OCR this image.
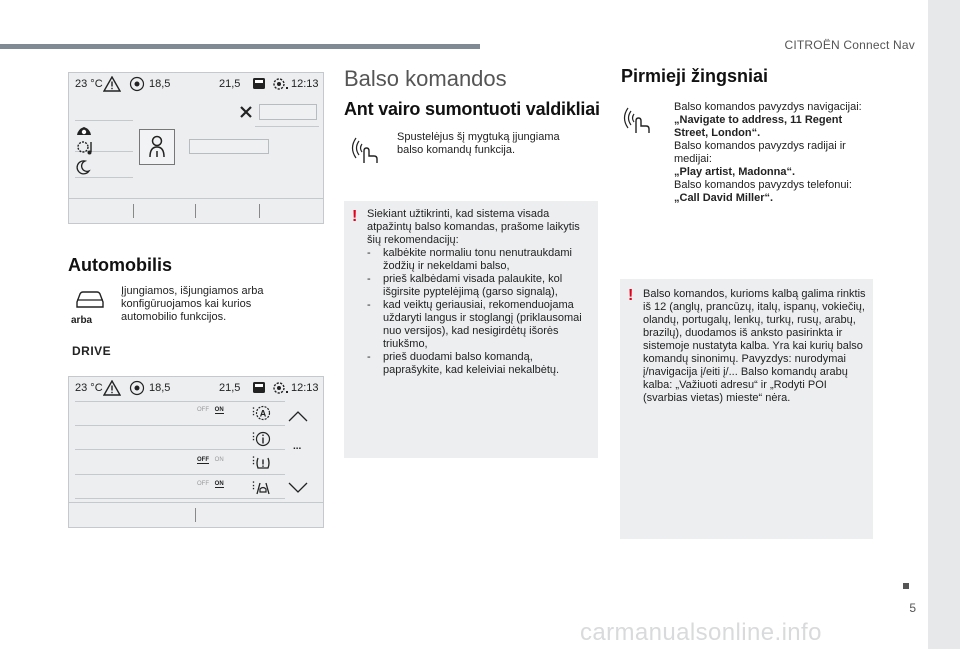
CITROËN Connect Nav
23 °C	18,5	21,5	12:13
Automobilis
arba
Įjungiamos, išjungiamos arba konfigūruojamos kai kurios automobilio funkcijos.
DRIVE
23 °C	18,5	21,5	12:13
OFF ON	⋮ A
⋮
OFF ON	⋮
OFF ON	⋮
...
Balso komandos
Ant vairo sumontuoti valdikliai
Spustelėjus šį mygtuką įjungiama balso komandų funkcija.
! Siekiant užtikrinti, kad sistema visada atpažintų balso komandas, prašome laikytis šių rekomendacijų:
- kalbėkite normaliu tonu nenutraukdami žodžių ir nekeldami balso,
- prieš kalbėdami visada palaukite, kol išgirsite pyptelėjimą (garso signalą),
- kad veiktų geriausiai, rekomenduojama uždaryti langus ir stoglangį (priklausomai nuo versijos), kad nesigirdėtų išorės triukšmo,
- prieš duodami balso komandą, paprašykite, kad keleiviai nekalbėtų.
Pirmieji žingsniai
Balso komandos pavyzdys navigacijai:
„Navigate to address, 11 Regent Street, London“.
Balso komandos pavyzdys radijai ir medijai:
„Play artist, Madonna“.
Balso komandos pavyzdys telefonui:
„Call David Miller“.
! Balso komandos, kurioms kalbą galima rinktis iš 12 (anglų, prancūzų, italų, ispanų, vokiečių, olandų, portugalų, lenkų, turkų, rusų, arabų, brazilų), duodamos iš anksto pasirinkta ir sistemoje nustatyta kalba. Yra kai kurių balso komandų sinonimų. Pavyzdys: nurodymai į/navigacija į/eiti į/... Balso komandų arabų kalba: „Važiuoti adresu“ ir „Rodyti POI (svarbias vietas) mieste“ nėra.
5
carmanualsonline.info
